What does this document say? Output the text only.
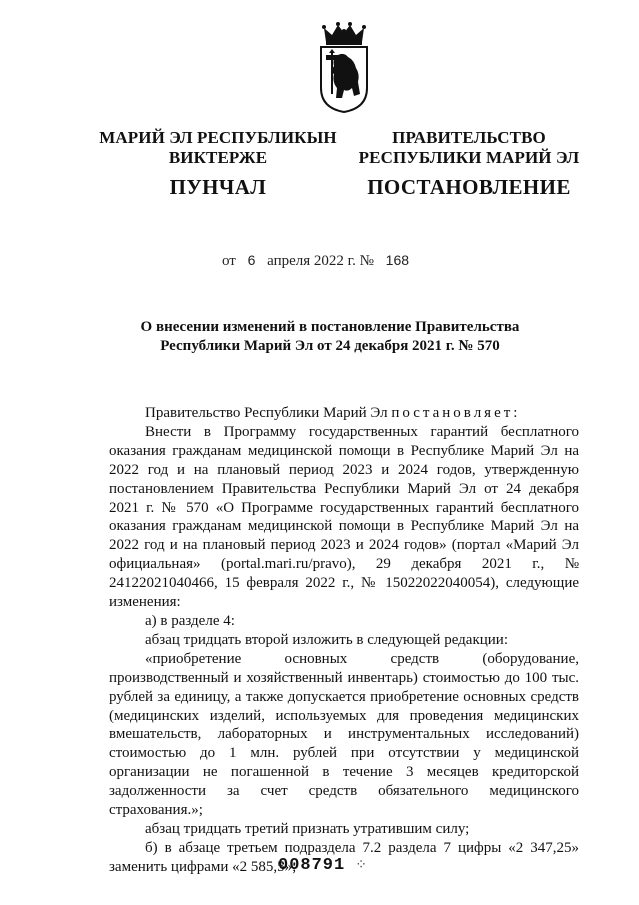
МАРИЙ ЭЛ РЕСПУБЛИКЫН
ВИКТЕРЖЕ
ПУНЧАЛ
ПРАВИТЕЛЬСТВО
РЕСПУБЛИКИ МАРИЙ ЭЛ
ПОСТАНОВЛЕНИЕ
от 6 апреля 2022 г. № 168
О внесении изменений в постановление Правительства
Республики Марий Эл от 24 декабря 2021 г. № 570

Правительство Республики Марий Эл постановляет:

Внести в Программу государственных гарантий бесплатного оказания гражданам медицинской помощи в Республике Марий Эл на 2022 год и на плановый период 2023 и 2024 годов, утвержденную постановлением Правительства Республики Марий Эл от 24 декабря 2021 г. № 570 «О Программе государственных гарантий бесплатного оказания гражданам медицинской помощи в Республике Марий Эл на 2022 год и на плановый период 2023 и 2024 годов» (портал «Марий Эл официальная» (portal.mari.ru/pravo), 29 декабря 2021 г., № 24122021040466, 15 февраля 2022 г., № 15022022040054), следующие изменения:

а) в разделе 4:

абзац тридцать второй изложить в следующей редакции:

«приобретение основных средств (оборудование, производственный и хозяйственный инвентарь) стоимостью до 100 тыс. рублей за единицу, а также допускается приобретение основных средств (медицинских изделий, используемых для проведения медицинских вмешательств, лабораторных и инструментальных исследований) стоимостью до 1 млн. рублей при отсутствии у медицинской организации не погашенной в течение 3 месяцев кредиторской задолженности за счет средств обязательного медицинского страхования.»;

абзац тридцать третий признать утратившим силу;

б) в абзаце третьем подраздела 7.2 раздела 7 цифры «2 347,25» заменить цифрами «2 585,5»;

008791 ⁘
